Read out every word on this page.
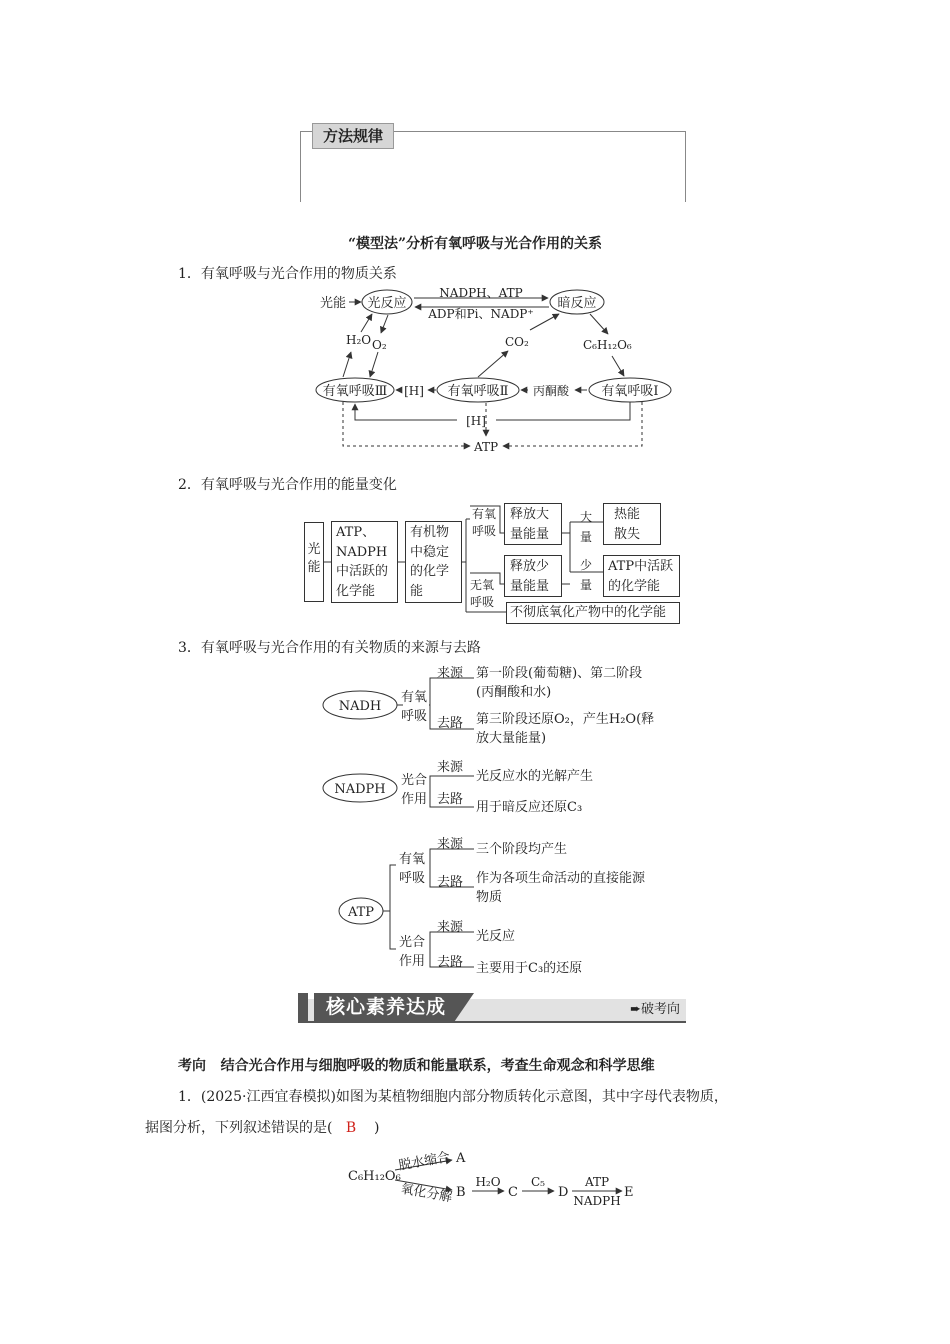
方法规律
“模型法”分析有氧呼吸与光合作用的关系
1．有氧呼吸与光合作用的物质关系
光能 光反应
NADPH、ATP
ADP和Pi、NADP⁺
暗反应
H₂O O₂	CO₂	C₆H₁₂O₆
有氧呼吸Ⅲ	有氧呼吸Ⅱ	有氧呼吸Ⅰ
[H]	丙酮酸
[H]
ATP
2．有氧呼吸与光合作用的能量变化
光能
ATP、
NADPH
中活跃的
化学能
有机物
中稳定
的化学
能
有氧
呼吸
无氧
呼吸
释放大
量能量
释放少
量能量
大
量
少
量
热能
散失
ATP中活跃
的化学能
不彻底氧化产物中的化学能
3．有氧呼吸与光合作用的有关物质的来源与去路
NADH
NADPH
ATP
有氧
呼吸
来源
去路
第一阶段(葡萄糖)、第二阶段
(丙酮酸和水)
第三阶段还原O₂，产生H₂O(释
放大量能量)
光合
作用
来源
去路
光反应水的光解产生
用于暗反应还原C₃
有氧
呼吸
光合
作用
来源
去路
来源
去路
三个阶段均产生
作为各项生命活动的直接能源
物质
光反应
主要用于C₃的还原
核心素养达成	➨破考向
考向 结合光合作用与细胞呼吸的物质和能量联系，考查生命观念和科学思维
1．(2025·江西宜春模拟)如图为某植物细胞内部分物质转化示意图，其中字母代表物质，
据图分析，下列叙述错误的是( B )
C₆H₁₂O₆
脱水缩合
氧化分解
A
B	C	D	E
H₂O	C₅	ATP
NADPH
